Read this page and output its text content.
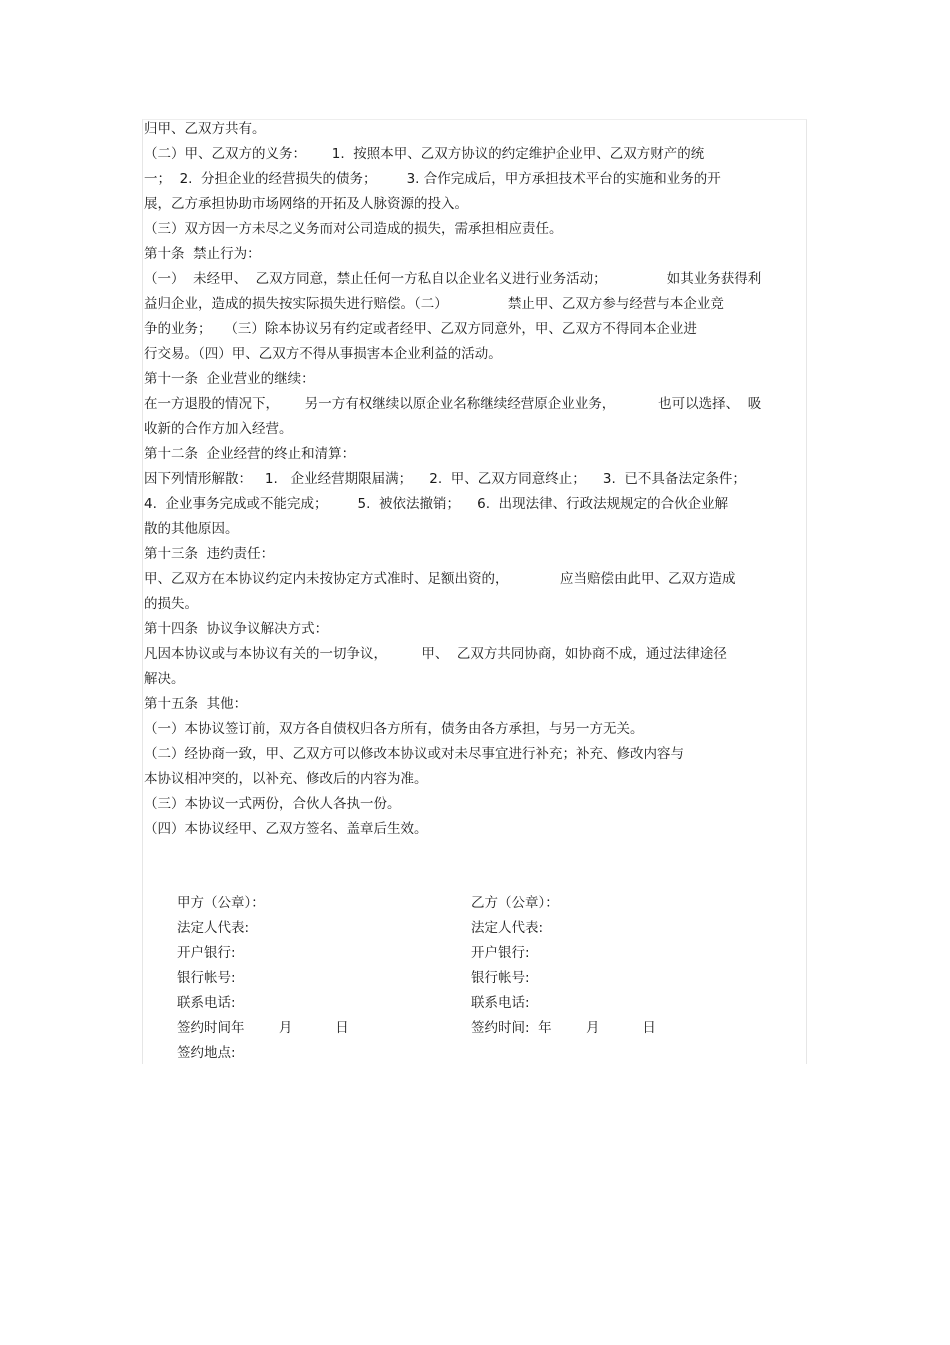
归甲、乙双方共有。
（二）甲、乙双方的义务：      1.  按照本甲、乙双方协议的约定维护企业甲、乙双方财产的统
一；  2.  分担企业的经营损失的债务；       3. 合作完成后，甲方承担技术平台的实施和业务的开
展，乙方承担协助市场网络的开拓及人脉资源的投入。
（三）双方因一方未尽之义务而对公司造成的损失，需承担相应责任。
第十条  禁止行为：
（一）  未经甲、  乙双方同意，禁止任何一方私自以企业名义进行业务活动；              如其业务获得利
益归企业，造成的损失按实际损失进行赔偿。（二）              禁止甲、乙双方参与经营与本企业竞
争的业务；   （三）除本协议另有约定或者经甲、乙双方同意外，甲、乙双方不得同本企业进
行交易。（四）甲、乙双方不得从事损害本企业利益的活动。
第十一条  企业营业的继续：
在一方退股的情况下，      另一方有权继续以原企业名称继续经营原企业业务，          也可以选择、  吸
收新的合作方加入经营。
第十二条  企业经营的终止和清算：
因下列情形解散：   1.   企业经营期限届满；    2.  甲、乙双方同意终止；    3.  已不具备法定条件；
4.  企业事务完成或不能完成；       5.  被依法撤销；    6.  出现法律、行政法规规定的合伙企业解
散的其他原因。
第十三条  违约责任：
甲、乙双方在本协议约定内未按协定方式准时、足额出资的，            应当赔偿由此甲、乙双方造成
的损失。
第十四条  协议争议解决方式：
凡因本协议或与本协议有关的一切争议，        甲、  乙双方共同协商，如协商不成，通过法律途径
解决。
第十五条  其他：
（一）本协议签订前，双方各自债权归各方所有，债务由各方承担，与另一方无关。
（二）经协商一致，甲、乙双方可以修改本协议或对未尽事宜进行补充；补充、修改内容与
本协议相冲突的，以补充、修改后的内容为准。
（三）本协议一式两份，合伙人各执一份。
（四）本协议经甲、乙双方签名、盖章后生效。
甲方（公章）：
法定人代表:
开户银行:
银行帐号:
联系电话:
签约时间年        月          日
签约地点:
乙方（公章）：
法定人代表:
开户银行:
银行帐号:
联系电话:
签约时间:  年        月          日
